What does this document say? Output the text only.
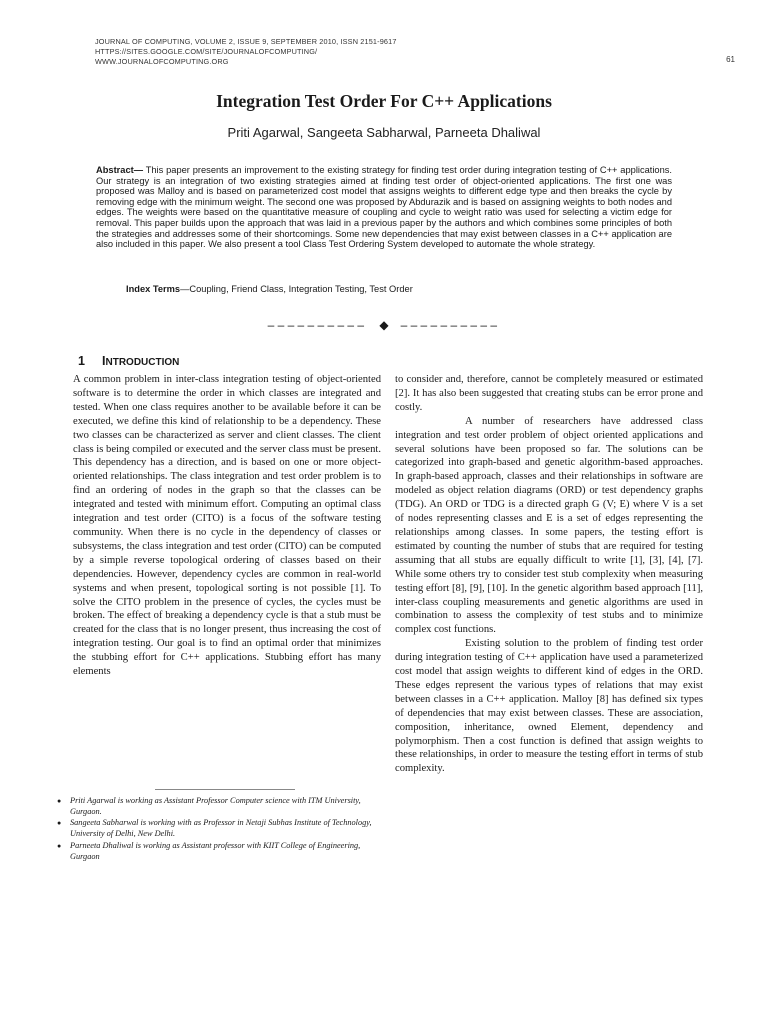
JOURNAL OF COMPUTING, VOLUME 2, ISSUE 9, SEPTEMBER 2010, ISSN 2151-9617
HTTPS://SITES.GOOGLE.COM/SITE/JOURNALOFCOMPUTING/
WWW.JOURNALOFCOMPUTING.ORG	61
Integration Test Order For C++ Applications
Priti Agarwal, Sangeeta Sabharwal, Parneeta Dhaliwal
Abstract— This paper presents an improvement to the existing strategy for finding test order during integration testing of C++ applications. Our strategy is an integration of two existing strategies aimed at finding test order of object-oriented applications. The first one was proposed was Malloy and is based on parameterized cost model that assigns weights to different edge type and then breaks the cycle by removing edge with the minimum weight. The second one was proposed by Abdurazik and is based on assigning weights to both nodes and edges. The weights were based on the quantitative measure of coupling and cycle to weight ratio was used for selecting a victim edge for removal. This paper builds upon the approach that was laid in a previous paper by the authors and which combines some principles of both the strategies and addresses some of their shortcomings. Some new dependencies that may exist between classes in a C++ application are also included in this paper. We also present a tool Class Test Ordering System developed to automate the whole strategy.
Index Terms—Coupling, Friend Class, Integration Testing, Test Order
–––––––––– ◆ ––––––––––
1 INTRODUCTION

A common problem in inter-class integration testing of object-oriented software is to determine the order in which classes are integrated and tested. When one class requires another to be available before it can be executed, we define this kind of relationship to be a dependency. These two classes can be characterized as server and client classes. The client class is being compiled or executed and the server class must be present. This dependency has a direction, and is based on one or more object-oriented relationships. The class integration and test order problem is to find an ordering of nodes in the graph so that the classes can be integrated and tested with minimum effort. Computing an optimal class integration and test order (CITO) is a focus of the software testing community. When there is no cycle in the dependency of classes or subsystems, the class integration and test order (CITO) can be computed by a simple reverse topological ordering of classes based on their dependencies. However, dependency cycles are common in real-world systems and when present, topological sorting is not possible [1]. To solve the CITO problem in the presence of cycles, the cycles must be broken. The effect of breaking a dependency cycle is that a stub must be created for the class that is no longer present, thus increasing the cost of integration testing. Our goal is to find an optimal order that minimizes the stubbing effort for C++ applications. Stubbing effort has many elements

to consider and, therefore, cannot be completely measured or estimated [2]. It has also been suggested that creating stubs can be error prone and costly.

A number of researchers have addressed class integration and test order problem of object oriented applications and several solutions have been proposed so far. The solutions can be categorized into graph-based and genetic algorithm-based approaches. In graph-based approach, classes and their relationships in software are modeled as object relation diagrams (ORD) or test dependency graphs (TDG). An ORD or TDG is a directed graph G (V; E) where V is a set of nodes representing classes and E is a set of edges representing the relationships among classes. In some papers, the testing effort is estimated by counting the number of stubs that are required for testing assuming that all stubs are equally difficult to write [1], [3], [4], [7]. While some others try to consider test stub complexity when measuring testing effort [8], [9], [10]. In the genetic algorithm based approach [11], inter-class coupling measurements and genetic algorithms are used in combination to assess the complexity of test stubs and to minimize complex cost functions.

Existing solution to the problem of finding test order during integration testing of C++ application have used a parameterized cost model that assign weights to different kind of edges in the ORD. These edges represent the various types of relations that may exist between classes in a C++ application. Malloy [8] has defined six types of dependencies that may exist between classes. These are association, composition, inheritance, owned Element, dependency and polymorphism. Then a cost function is defined that assign weights to these relationships, in order to measure the testing effort in terms of stub complexity.

●	Priti Agarwal is working as Assistant Professor Computer science with ITM University, Gurgaon.
●	Sangeeta Sabharwal is working with as Professor in Netaji Subhas Institute of Technology, University of Delhi, New Delhi.
●	Parneeta Dhaliwal is working as Assistant professor with KIIT College of Engineering, Gurgaon
